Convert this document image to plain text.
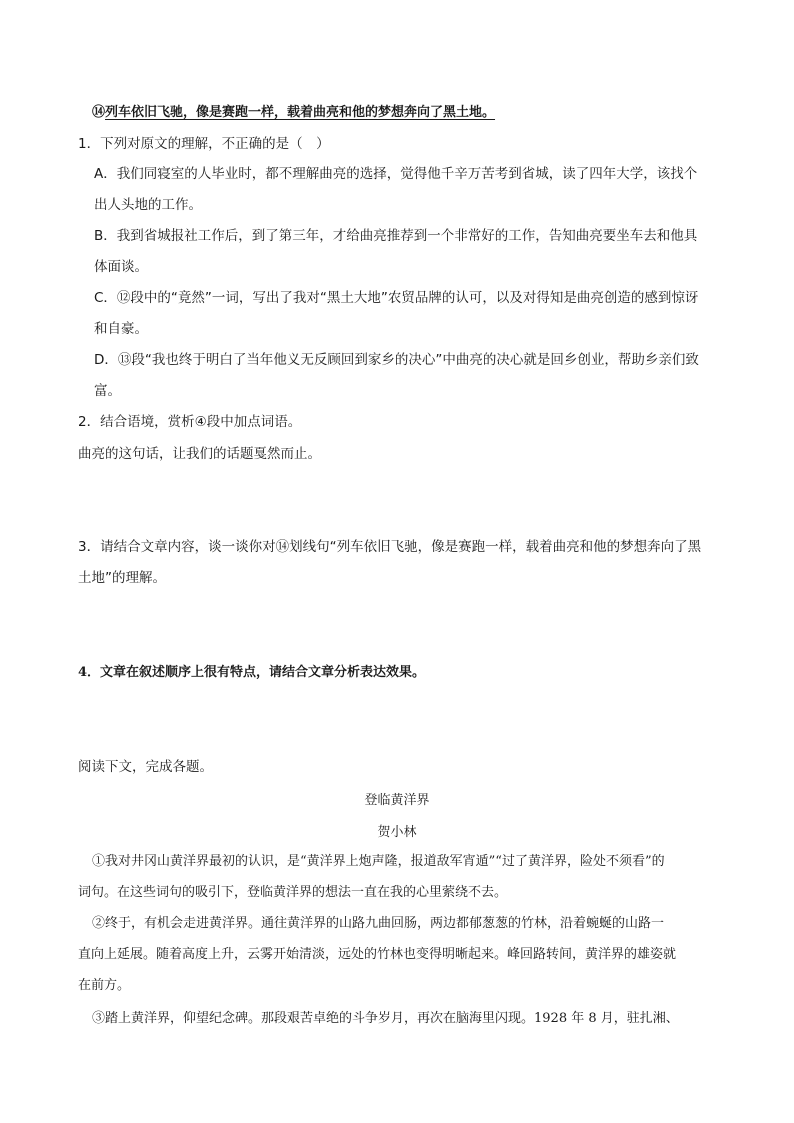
⑭列车依旧飞驰，像是赛跑一样，载着曲亮和他的梦想奔向了黑土地。
1．下列对原文的理解，不正确的是（　）
A．我们同寝室的人毕业时，都不理解曲亮的选择，觉得他千辛万苦考到省城，读了四年大学，该找个
出人头地的工作。
B．我到省城报社工作后，到了第三年，才给曲亮推荐到一个非常好的工作，告知曲亮要坐车去和他具
体面谈。
C．⑫段中的“竟然”一词，写出了我对“黑土大地”农贸品牌的认可，以及对得知是曲亮创造的感到惊讶
和自豪。
D．⑬段“我也终于明白了当年他义无反顾回到家乡的决心”中曲亮的决心就是回乡创业，帮助乡亲们致
富。
2．结合语境，赏析④段中加点词语。
曲亮的这句话，让我们的话题戛然而止。
3．请结合文章内容，谈一谈你对⑭划线句“列车依旧飞驰，像是赛跑一样，载着曲亮和他的梦想奔向了黑
土地”的理解。
4．文章在叙述顺序上很有特点，请结合文章分析表达效果。
阅读下文，完成各题。
登临黄洋界
贺小林
①我对井冈山黄洋界最初的认识，是“黄洋界上炮声隆，报道敌军宵遁”“过了黄洋界，险处不须看”的
词句。在这些词句的吸引下，登临黄洋界的想法一直在我的心里萦绕不去。
②终于，有机会走进黄洋界。通往黄洋界的山路九曲回肠，两边都郁葱葱的竹林，沿着蜿蜒的山路一
直向上延展。随着高度上升，云雾开始清淡，远处的竹林也变得明晰起来。峰回路转间，黄洋界的雄姿就
在前方。
③踏上黄洋界，仰望纪念碑。那段艰苦卓绝的斗争岁月，再次在脑海里闪现。1928 年 8 月，驻扎湘、
